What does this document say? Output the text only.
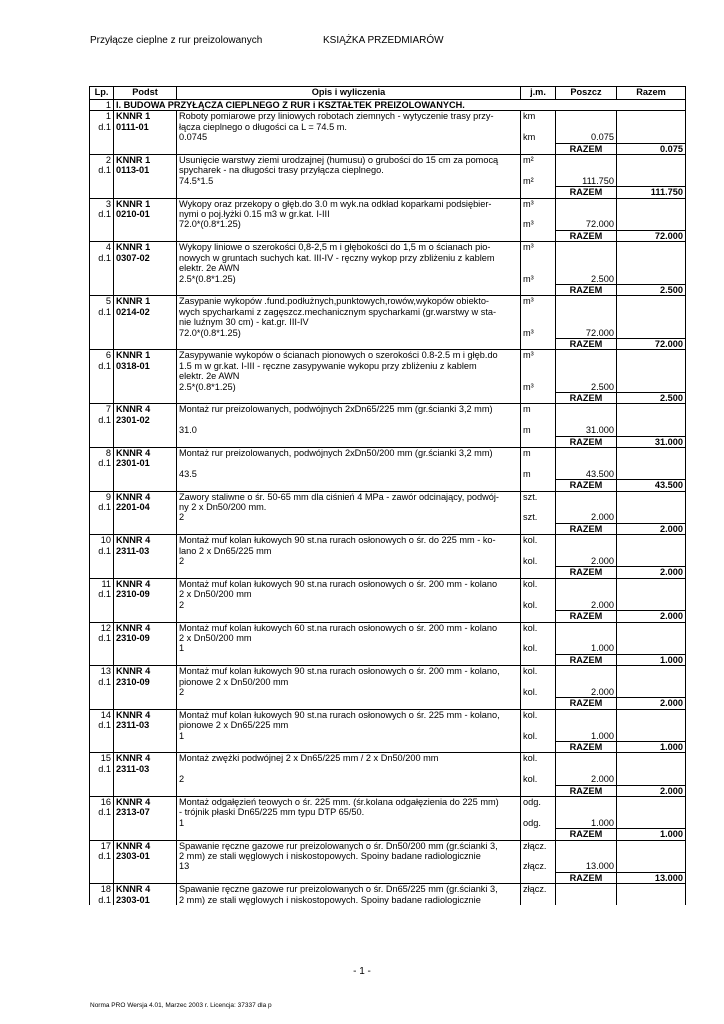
Przyłącze cieplne z rur preizolowanych	KSIĄŻKA PRZEDMIARÓW
Lp.	Podst	Opis i wyliczenia	j.m.	Poszcz	Razem
1	I. BUDOWA PRZYŁĄCZA CIEPLNEGO Z RUR i KSZTAŁTEK PREIZOLOWANYCH.				

1
d.1	KNNR 1
0111-01	Roboty pomiarowe przy liniowych robotach ziemnych - wytyczenie trasy przy-
łącza cieplnego o długości ca L = 74.5 m.	km		
		0.0745	km	0.075	
				RAZEM	0.075

2
d.1	KNNR 1
0113-01	Usunięcie warstwy ziemi urodzajnej (humusu) o grubości do 15 cm za pomocą
spycharek - na długości trasy przyłącza cieplnego.	m²		
		74.5*1.5	m²	111.750	
				RAZEM	111.750

3
d.1	KNNR 1
0210-01	Wykopy oraz przekopy o głęb.do 3.0 m wyk.na odkład koparkami podsiębier-
nymi o poj.łyżki 0.15 m3 w gr.kat. I-III	m³		
		72.0*(0.8*1.25)	m³	72.000	
				RAZEM	72.000

4
d.1	KNNR 1
0307-02	Wykopy liniowe o szerokości 0,8-2,5 m i głębokości do 1,5 m o ścianach pio-
nowych w gruntach suchych kat. III-IV - ręczny wykop przy zbliżeniu z kablem
elektr. 2e AWN	m³		
		2.5*(0.8*1.25)	m³	2.500	
				RAZEM	2.500

5
d.1	KNNR 1
0214-02	Zasypanie wykopów .fund.podłużnych,punktowych,rowów,wykopów obiekto-
wych spycharkami z zagęszcz.mechanicznym spycharkami (gr.warstwy w sta-
nie luźnym 30 cm) - kat.gr. III-IV	m³		
		72.0*(0.8*1.25)	m³	72.000	
				RAZEM	72.000

6
d.1	KNNR 1
0318-01	Zasypywanie wykopów o ścianach pionowych o szerokości 0.8-2.5 m i głęb.do
1.5 m w gr.kat. I-III - ręczne zasypywanie wykopu przy zbliżeniu z kablem
elektr. 2e AWN	m³		
		2.5*(0.8*1.25)	m³	2.500	
				RAZEM	2.500

7
d.1	KNNR 4
2301-02	Montaż rur preizolowanych, podwójnych 2xDn65/225 mm (gr.ścianki 3,2 mm)	m		
		31.0	m	31.000	
				RAZEM	31.000

8
d.1	KNNR 4
2301-01	Montaż rur preizolowanych, podwójnych 2xDn50/200 mm (gr.ścianki 3,2 mm)	m		
		43.5	m	43.500	
				RAZEM	43.500

9
d.1	KNNR 4
2201-04	Zawory staliwne o śr. 50-65 mm dla ciśnień 4 MPa - zawór odcinający, podwój-
ny 2 x Dn50/200 mm.	szt.		
		2	szt.	2.000	
				RAZEM	2.000

10
d.1	KNNR 4
2311-03	Montaż muf kolan łukowych 90 st.na rurach osłonowych o śr. do 225 mm - ko-
lano 2 x Dn65/225 mm	kol.		
		2	kol.	2.000	
				RAZEM	2.000

11
d.1	KNNR 4
2310-09	Montaż muf kolan łukowych 90 st.na rurach osłonowych o śr. 200 mm - kolano
2 x Dn50/200 mm	kol.		
		2	kol.	2.000	
				RAZEM	2.000

12
d.1	KNNR 4
2310-09	Montaż muf kolan łukowych 60 st.na rurach osłonowych o śr. 200 mm - kolano
2 x Dn50/200 mm	kol.		
		1	kol.	1.000	
				RAZEM	1.000

13
d.1	KNNR 4
2310-09	Montaż muf kolan łukowych 90 st.na rurach osłonowych o śr. 200 mm - kolano,
pionowe 2 x Dn50/200 mm	kol.		
		2	kol.	2.000	
				RAZEM	2.000

14
d.1	KNNR 4
2311-03	Montaż muf kolan łukowych 90 st.na rurach osłonowych o śr. 225 mm - kolano,
pionowe 2 x Dn65/225 mm	kol.		
		1	kol.	1.000	
				RAZEM	1.000

15
d.1	KNNR 4
2311-03	Montaż zwężki podwójnej 2 x Dn65/225 mm / 2 x Dn50/200 mm	kol.		
		2	kol.	2.000	
				RAZEM	2.000

16
d.1	KNNR 4
2313-07	Montaż odgałęzień teowych o śr. 225 mm. (śr.kolana odgałęzienia do 225 mm)
- trójnik płaski Dn65/225 mm typu DTP 65/50.	odg.		
		1	odg.	1.000	
				RAZEM	1.000

17
d.1	KNNR 4
2303-01	Spawanie ręczne gazowe rur preizolowanych o śr. Dn50/200 mm (gr.ścianki 3,
2 mm) ze stali węglowych i niskostopowych. Spoiny badane radiologicznie	złącz.		
		13	złącz.	13.000	
				RAZEM	13.000

18
d.1	KNNR 4
2303-01	Spawanie ręczne gazowe rur preizolowanych o śr. Dn65/225 mm (gr.ścianki 3,
2 mm) ze stali węglowych i niskostopowych. Spoiny badane radiologicznie	złącz.		
- 1 -
Norma PRO Wersja 4.01, Marzec 2003 r. Licencja: 37337 dla p
